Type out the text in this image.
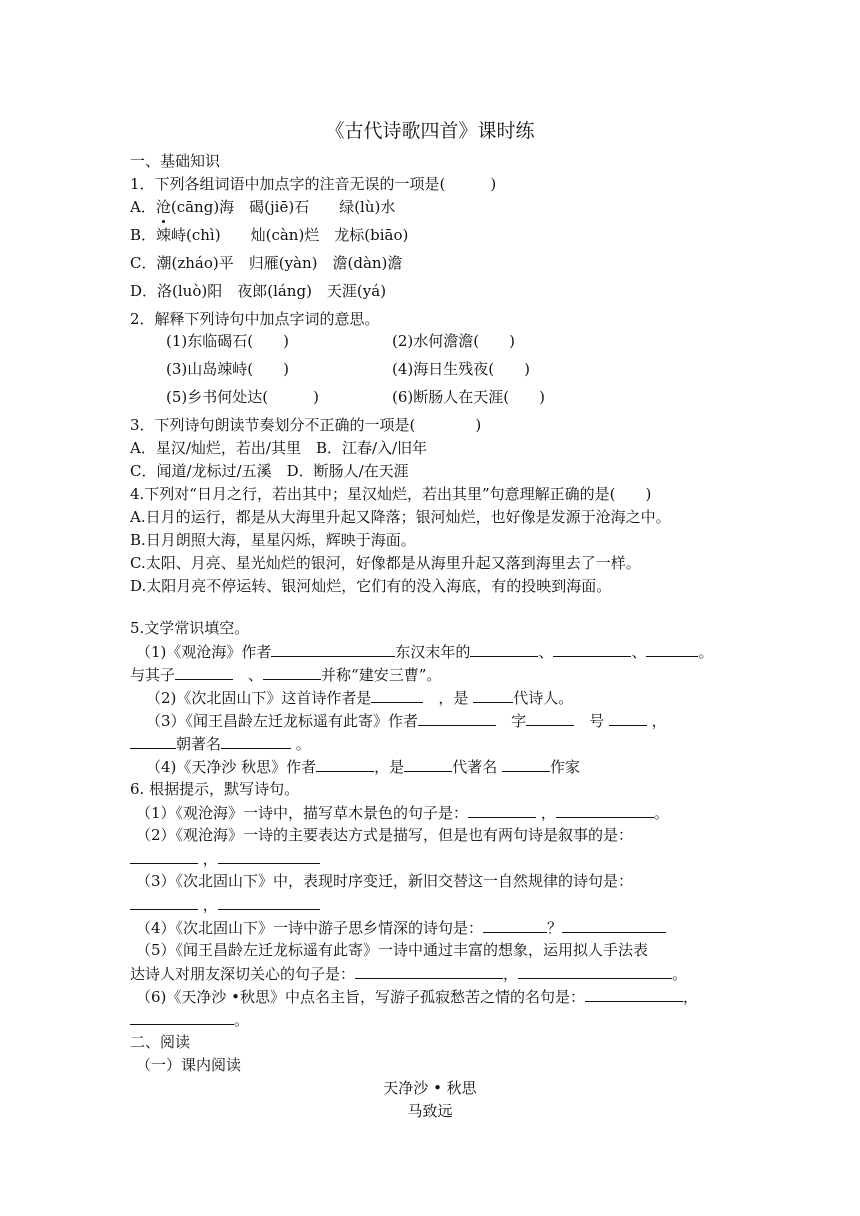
《古代诗歌四首》课时练
一、基础知识
1．下列各组词语中加点字的注音无误的一项是(　　　)
A．沧(cāng)海　碣(jiē)石　　绿(lù)水
B．竦峙(chì)　　灿(càn)烂　龙标(biāo)
C．潮(zháo)平　归雁(yàn)　澹(dàn)澹
D．洛(luò)阳　夜郎(láng)　天涯(yá)
2．解释下列诗句中加点字词的意思。
(1)东临碣石(　　)	(2)水何澹澹(　　)
(3)山岛竦峙(　　)	(4)海日生残夜(　　)
(5)乡书何处达(　　　)	(6)断肠人在天涯(　　)
3．下列诗句朗读节奏划分不正确的一项是(　　　　)
A．星汉/灿烂，若出/其里　B．江春/入/旧年
C．闻道/龙标过/五溪　D．断肠人/在天涯
4.下列对“日月之行，若出其中；星汉灿烂，若出其里”句意理解正确的是(　　)
A.日月的运行，都是从大海里升起又降落；银河灿烂，也好像是发源于沧海之中。
B.日月朗照大海，星星闪烁，辉映于海面。
C.太阳、月亮、星光灿烂的银河，好像都是从海里升起又落到海里去了一样。
D.太阳月亮不停运转、银河灿烂，它们有的没入海底，有的投映到海面。
5.文学常识填空。
（1)《观沧海》作者	东汉末年的	、	、	。
与其子　	、	并称“建安三曹”。
（2)《次北固山下》这首诗作者是　	，是	代诗人。
（3）《闻王昌龄左迁龙标遥有此寄》作者　	字　	号	，
朝著名	。
（4)《天净沙 秋思》作者	，是	代著名	作家
6. 根据提示，默写诗句。
（1）《观沧海》一诗中，描写草木景色的句子是：	，	。
（2）《观沧海》一诗的主要表达方式是描写，但是也有两句诗是叙事的是：
，
（3）《次北固山下》中，表现时序变迁，新旧交替这一自然规律的诗句是：
，
（4）《次北固山下》一诗中游子思乡情深的诗句是：	？
（5）《闻王昌龄左迁龙标遥有此寄》一诗中通过丰富的想象，运用拟人手法表
达诗人对朋友深切关心的句子是：	，	。
（6)《天净沙 •秋思》中点名主旨，写游子孤寂愁苦之情的名句是：	，
。
二、阅读
（一）课内阅读
天净沙 • 秋思
马致远
